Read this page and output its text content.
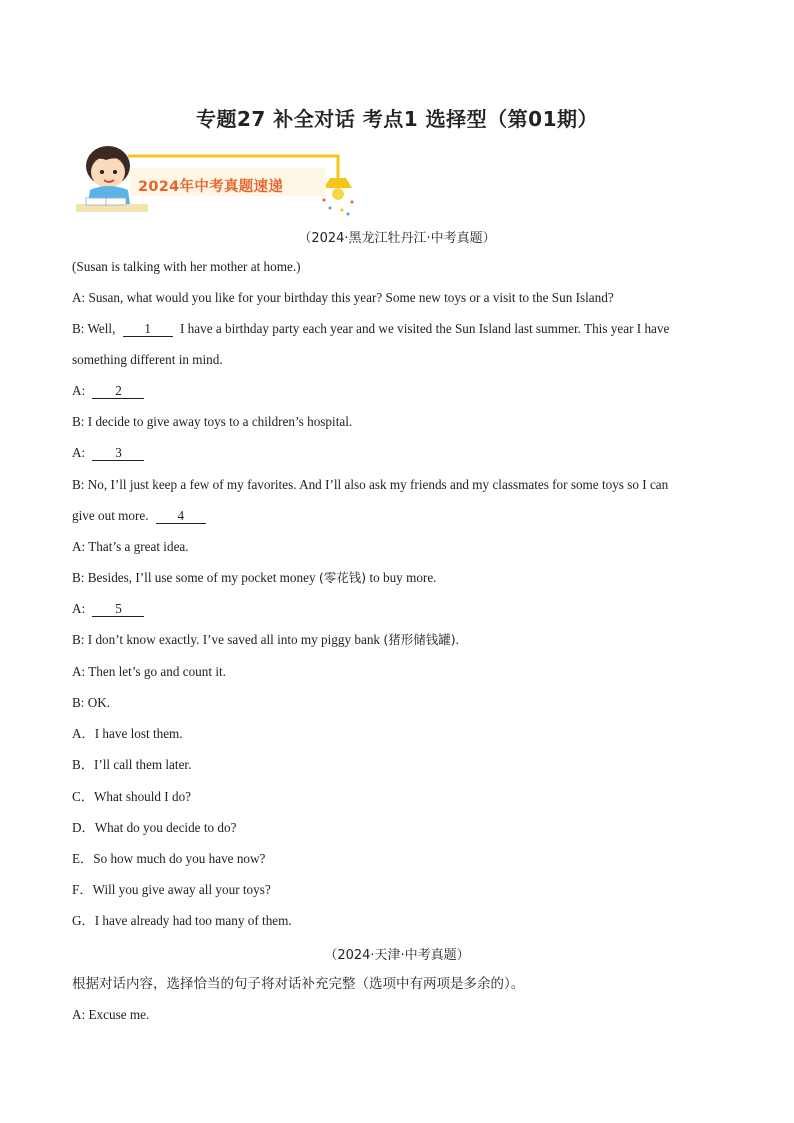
专题27 补全对话 考点1 选择型（第01期）
2024年中考真题速递
（2024·黑龙江牡丹江·中考真题）
(Susan is talking with her mother at home.)
A: Susan, what would you like for your birthday this year? Some new toys or a visit to the Sun Island?
B: Well, 1 I have a birthday party each year and we visited the Sun Island last summer. This year I have
something different in mind.
A: 2
B: I decide to give away toys to a children’s hospital.
A: 3
B: No, I’ll just keep a few of my favorites. And I’ll also ask my friends and my classmates for some toys so I can
give out more. 4
A: That’s a great idea.
B: Besides, I’ll use some of my pocket money (零花钱) to buy more.
A: 5
B: I don’t know exactly. I’ve saved all into my piggy bank (猪形储钱罐).
A: Then let’s go and count it.
B: OK.
A．I have lost them.
B．I’ll call them later.
C．What should I do?
D．What do you decide to do?
E．So how much do you have now?
F．Will you give away all your toys?
G．I have already had too many of them.
（2024·天津·中考真题）
根据对话内容，选择恰当的句子将对话补充完整（选项中有两项是多余的）。
A: Excuse me.
